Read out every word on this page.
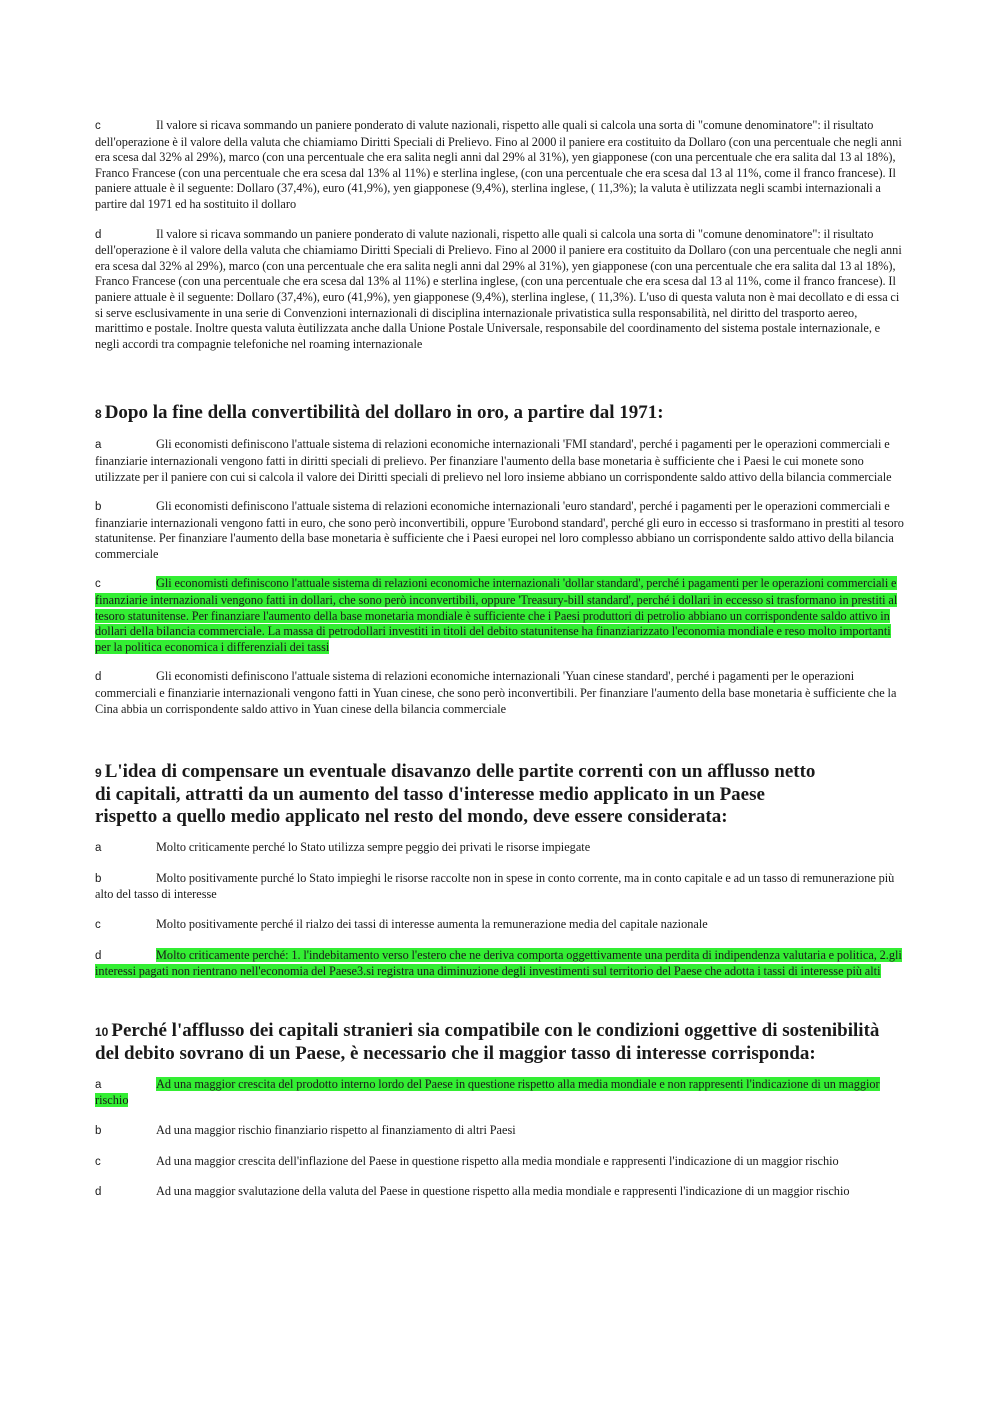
c	Il valore si ricava sommando un paniere ponderato di valute nazionali, rispetto alle quali si calcola una sorta di "comune denominatore": il risultato dell'operazione è il valore della valuta che chiamiamo Diritti Speciali di Prelievo. Fino al 2000 il paniere era costituito da Dollaro (con una percentuale che negli anni era scesa dal 32% al 29%), marco (con una percentuale che era salita negli anni dal 29% al 31%), yen giapponese (con una percentuale che era salita dal 13 al 18%), Franco Francese (con una percentuale che era scesa dal 13% al 11%) e sterlina inglese, (con una percentuale che era scesa dal 13 al 11%, come il franco francese). Il paniere attuale è il seguente: Dollaro (37,4%), euro (41,9%), yen giapponese (9,4%), sterlina inglese, ( 11,3%); la valuta è utilizzata negli scambi internazionali a partire dal 1971 ed ha sostituito il dollaro

d	Il valore si ricava sommando un paniere ponderato di valute nazionali, rispetto alle quali si calcola una sorta di "comune denominatore": il risultato dell'operazione è il valore della valuta che chiamiamo Diritti Speciali di Prelievo. Fino al 2000 il paniere era costituito da Dollaro (con una percentuale che negli anni era scesa dal 32% al 29%), marco (con una percentuale che era salita negli anni dal 29% al 31%), yen giapponese (con una percentuale che era salita dal 13 al 18%), Franco Francese (con una percentuale che era scesa dal 13% al 11%) e sterlina inglese, (con una percentuale che era scesa dal 13 al 11%, come il franco francese). Il paniere attuale è il seguente: Dollaro (37,4%), euro (41,9%), yen giapponese (9,4%), sterlina inglese, ( 11,3%). L'uso di questa valuta non è mai decollato e di essa ci si serve esclusivamente in una serie di Convenzioni internazionali di disciplina internazionale privatistica sulla responsabilità, nel diritto del trasporto aereo, marittimo e postale. Inoltre questa valuta èutilizzata anche dalla Unione Postale Universale, responsabile del coordinamento del sistema postale internazionale, e negli accordi tra compagnie telefoniche nel roaming internazionale

8 Dopo la fine della convertibilità del dollaro in oro, a partire dal 1971:

a	Gli economisti definiscono l'attuale sistema di relazioni economiche internazionali 'FMI standard', perché i pagamenti per le operazioni commerciali e finanziarie internazionali vengono fatti in diritti speciali di prelievo. Per finanziare l'aumento della base monetaria è sufficiente che i Paesi le cui monete sono utilizzate per il paniere con cui si calcola il valore dei Diritti speciali di prelievo nel loro insieme abbiano un corrispondente saldo attivo della bilancia commerciale

b	Gli economisti definiscono l'attuale sistema di relazioni economiche internazionali 'euro standard', perché i pagamenti per le operazioni commerciali e finanziarie internazionali vengono fatti in euro, che sono però inconvertibili, oppure 'Eurobond standard', perché gli euro in eccesso si trasformano in prestiti al tesoro statunitense. Per finanziare l'aumento della base monetaria è sufficiente che i Paesi europei nel loro complesso abbiano un corrispondente saldo attivo della bilancia commerciale

c	Gli economisti definiscono l'attuale sistema di relazioni economiche internazionali 'dollar standard', perché i pagamenti per le operazioni commerciali e finanziarie internazionali vengono fatti in dollari, che sono però inconvertibili, oppure 'Treasury-bill standard', perché i dollari in eccesso si trasformano in prestiti al tesoro statunitense. Per finanziare l'aumento della base monetaria mondiale è sufficiente che i Paesi produttori di petrolio abbiano un corrispondente saldo attivo in dollari della bilancia commerciale. La massa di petrodollari investiti in titoli del debito statunitense ha finanziarizzato l'economia mondiale e reso molto importanti per la politica economica i differenziali dei tassi

d	Gli economisti definiscono l'attuale sistema di relazioni economiche internazionali 'Yuan cinese standard', perché i pagamenti per le operazioni commerciali e finanziarie internazionali vengono fatti in Yuan cinese, che sono però inconvertibili. Per finanziare l'aumento della base monetaria è sufficiente che la Cina abbia un corrispondente saldo attivo in Yuan cinese della bilancia commerciale

9 L'idea di compensare un eventuale disavanzo delle partite correnti con un afflusso netto di capitali, attratti da un aumento del tasso d'interesse medio applicato in un Paese rispetto a quello medio applicato nel resto del mondo, deve essere considerata:

a	Molto criticamente perché lo Stato utilizza sempre peggio dei privati le risorse impiegate

b	Molto positivamente purché lo Stato impieghi le risorse raccolte non in spese in conto corrente, ma in conto capitale e ad un tasso di remunerazione più alto del tasso di interesse

c	Molto positivamente perché il rialzo dei tassi di interesse aumenta la remunerazione media del capitale nazionale

d	Molto criticamente perché: 1. l'indebitamento verso l'estero che ne deriva comporta oggettivamente una perdita di indipendenza valutaria e politica, 2.gli interessi pagati non rientrano nell'economia del Paese3.si registra una diminuzione degli investimenti sul territorio del Paese che adotta i tassi di interesse più alti

10 Perché l'afflusso dei capitali stranieri sia compatibile con le condizioni oggettive di sostenibilità del debito sovrano di un Paese, è necessario che il maggior tasso di interesse corrisponda:

a	Ad una maggior crescita del prodotto interno lordo del Paese in questione rispetto alla media mondiale e non rappresenti l'indicazione di un maggior rischio

b	Ad una maggior rischio finanziario rispetto al finanziamento di altri Paesi

c	Ad una maggior crescita dell'inflazione del Paese in questione rispetto alla media mondiale e rappresenti l'indicazione di un maggior rischio

d	Ad una maggior svalutazione della valuta del Paese in questione rispetto alla media mondiale e rappresenti l'indicazione di un maggior rischio
